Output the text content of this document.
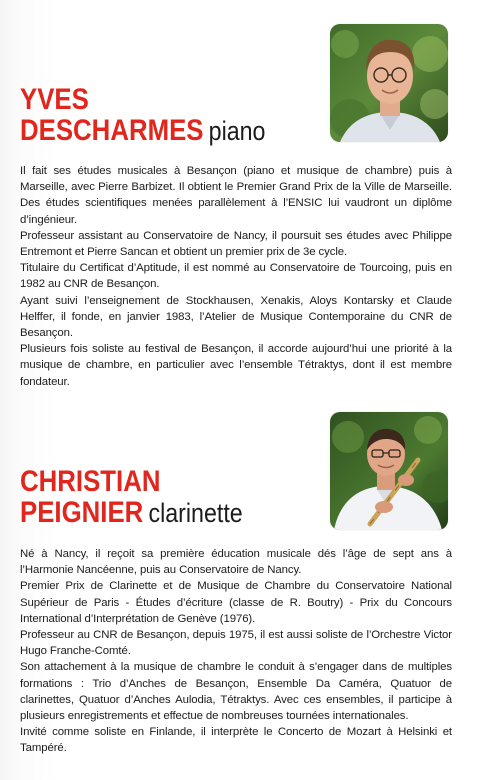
YVES
DESCHARMES piano

Il fait ses études musicales à Besançon (piano et musique de chambre) puis à Marseille, avec Pierre Barbizet. Il obtient le Premier Grand Prix de la Ville de Marseille. Des études scientifiques menées parallèlement à l’ENSIC lui vaudront un diplôme d’ingénieur.

Professeur assistant au Conservatoire de Nancy, il poursuit ses études avec Philippe Entremont et Pierre Sancan et obtient un premier prix de 3e cycle.

Titulaire du Certificat d’Aptitude, il est nommé au Conservatoire de Tourcoing, puis en 1982 au CNR de Besançon.

Ayant suivi l’enseignement de Stockhausen, Xenakis, Aloys Kontarsky et Claude Helffer, il fonde, en janvier 1983, l’Atelier de Musique Contemporaine du CNR de Besançon.

Plusieurs fois soliste au festival de Besançon, il accorde aujourd’hui une priorité à la musique de chambre, en particulier avec l’ensemble Tétraktys, dont il est membre fondateur.

CHRISTIAN
PEIGNIER clarinette

Né à Nancy, il reçoit sa première éducation musicale dés l’âge de sept ans à l’Harmonie Nancéenne, puis au Conservatoire de Nancy.

Premier Prix de Clarinette et de Musique de Chambre du Conservatoire National Supérieur de Paris - Études d’écriture (classe de R. Boutry) - Prix du Concours International d’Interprétation de Genève (1976).

Professeur au CNR de Besançon, depuis 1975, il est aussi soliste de l’Orchestre Victor Hugo Franche-Comté.

Son attachement à la musique de chambre le conduit à s’engager dans de multiples formations : Trio d’Anches de Besançon, Ensemble Da Caméra, Quatuor de clarinettes, Quatuor d’Anches Aulodia, Tétraktys. Avec ces ensembles, il participe à plusieurs enregistrements et effectue de nombreuses tournées internationales.

Invité comme soliste en Finlande, il interprète le Concerto de Mozart à Helsinki et Tampéré.
